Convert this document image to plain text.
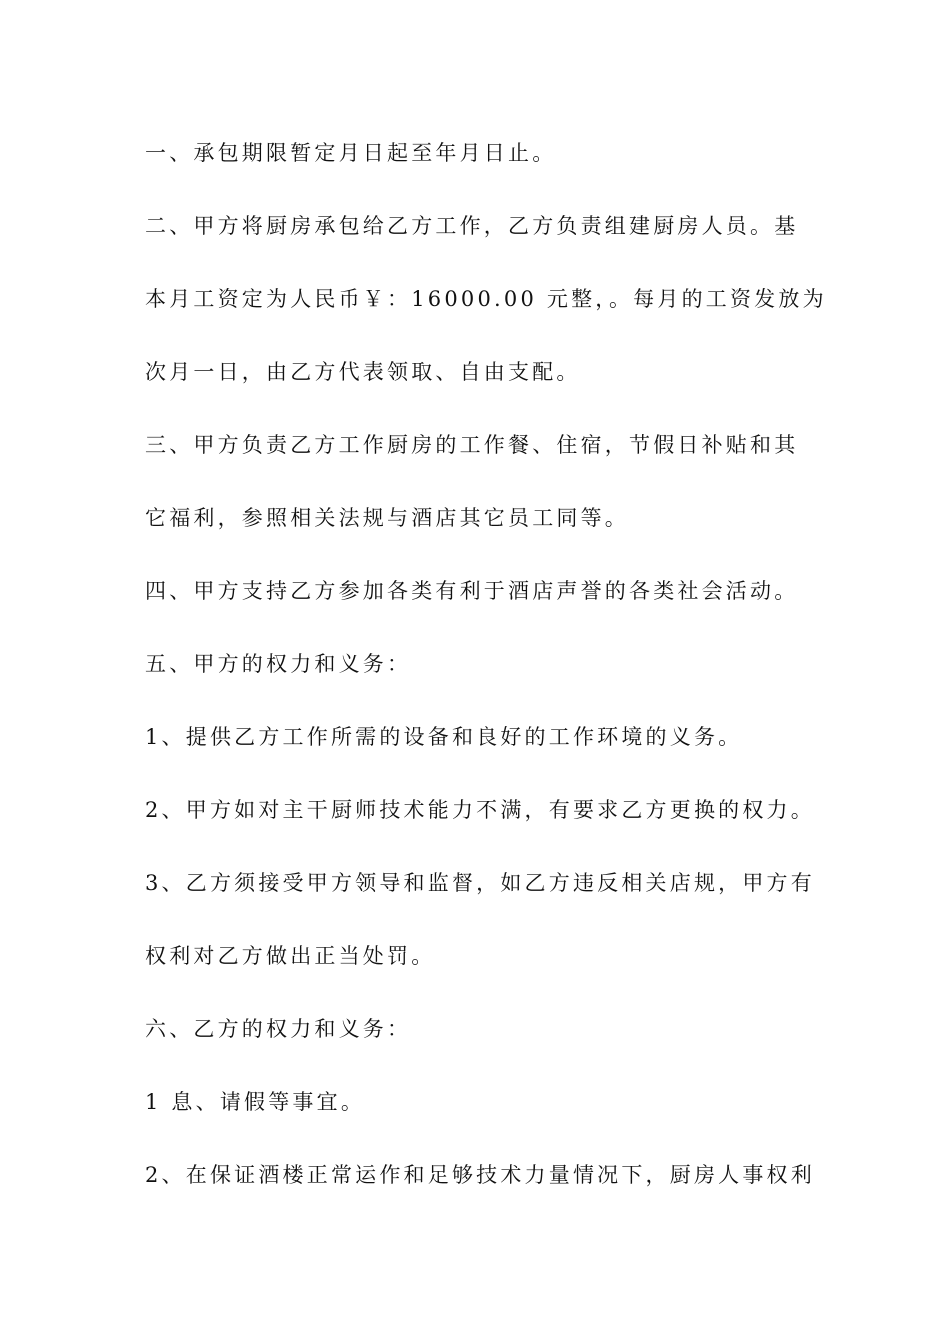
一、承包期限暂定月日起至年月日止。

二、甲方将厨房承包给乙方工作，乙方负责组建厨房人员。基

本月工资定为人民币￥：16000.00 元整，。每月的工资发放为

次月一日，由乙方代表领取、自由支配。

三、甲方负责乙方工作厨房的工作餐、住宿，节假日补贴和其

它福利，参照相关法规与酒店其它员工同等。

四、甲方支持乙方参加各类有利于酒店声誉的各类社会活动。

五、甲方的权力和义务：

1、提供乙方工作所需的设备和良好的工作环境的义务。

2、甲方如对主干厨师技术能力不满，有要求乙方更换的权力。

3、乙方须接受甲方领导和监督，如乙方违反相关店规，甲方有

权利对乙方做出正当处罚。

六、乙方的权力和义务：

1 息、请假等事宜。

2、在保证酒楼正常运作和足够技术力量情况下，厨房人事权利
